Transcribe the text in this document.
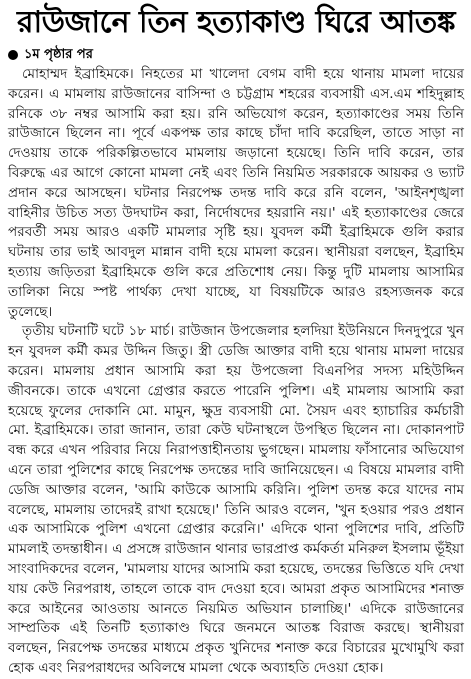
রাউজানে তিন হত্যাকাণ্ড ঘিরে আতঙ্ক
১ম পৃষ্ঠার পর

মোহাম্মদ ইব্রাহিমকে। নিহতের মা খালেদা বেগম বাদী হয়ে থানায় মামলা দায়ের করেন। এ মামলায় রাউজানের বাসিন্দা ও চট্টগ্রাম শহরের ব্যবসায়ী এস.এম শহিদুল্লাহ রনিকে ৩৮ নম্বর আসামি করা হয়। রনি অভিযোগ করেন, হত্যাকাণ্ডের সময় তিনি রাউজানে ছিলেন না। পূর্বে একপক্ষ তার কাছে চাঁদা দাবি করেছিল, তাতে সাড়া না দেওয়ায় তাকে পরিকল্পিতভাবে মামলায় জড়ানো হয়েছে। তিনি দাবি করেন, তার বিরুদ্ধে এর আগে কোনো মামলা নেই এবং তিনি নিয়মিত সরকারকে আয়কর ও ভ্যাট প্রদান করে আসছেন। ঘটনার নিরপেক্ষ তদন্ত দাবি করে রনি বলেন, 'আইনশৃঙ্খলা বাহিনীর উচিত সত্য উদঘাটন করা, নির্দোষদের হয়রানি নয়।' এই হত্যাকাণ্ডের জেরে পরবর্তী সময় আরও একটি মামলার সৃষ্টি হয়। যুবদল কর্মী ইব্রাহিমকে গুলি করার ঘটনায় তার ভাই আবদুল মান্নান বাদী হয়ে মামলা করেন। স্থানীয়রা বলছেন, ইব্রাহিম হত্যায় জড়িতরা ইব্রাহিমকে গুলি করে প্রতিশোধ নেয়। কিন্তু দুটি মামলায় আসামির তালিকা নিয়ে স্পষ্ট পার্থক্য দেখা যাচ্ছে, যা বিষয়টিকে আরও রহস্যজনক করে তুলেছে।

তৃতীয় ঘটনাটি ঘটে ১৮ মার্চ। রাউজান উপজেলার হলদিয়া ইউনিয়নে দিনদুপুরে খুন হন যুবদল কর্মী কমর উদ্দিন জিতু। স্ত্রী ডেজি আক্তার বাদী হয়ে থানায় মামলা দায়ের করেন। মামলায় প্রধান আসামি করা হয় উপজেলা বিএনপির সদস্য মহিউদ্দিন জীবনকে। তাকে এখনো গ্রেপ্তার করতে পারেনি পুলিশ। এই মামলায় আসামি করা হয়েছে ফুলের দোকানি মো. মামুন, ক্ষুদ্র ব্যবসায়ী মো. সৈয়দ এবং হ্যাচারির কর্মচারী মো. ইব্রাহিমকে। তারা জানান, তারা কেউ ঘটনাস্থলে উপস্থিত ছিলেন না। দোকানপাট বন্ধ করে এখন পরিবার নিয়ে নিরাপত্তাহীনতায় ভুগছেন। মামলায় ফাঁসানোর অভিযোগ এনে তারা পুলিশের কাছে নিরপেক্ষ তদন্তের দাবি জানিয়েছেন। এ বিষয়ে মামলার বাদী ডেজি আক্তার বলেন, 'আমি কাউকে আসামি করিনি। পুলিশ তদন্ত করে যাদের নাম বলেছে, মামলায় তাদেরই রাখা হয়েছে।' তিনি আরও বলেন, 'খুন হওয়ার পরও প্রধান এক আসামিকে পুলিশ এখনো গ্রেপ্তার করেনি।' এদিকে থানা পুলিশের দাবি, প্রতিটি মামলাই তদন্তাধীন। এ প্রসঙ্গে রাউজান থানার ভারপ্রাপ্ত কর্মকর্তা মনিরুল ইসলাম ভূঁইয়া সাংবাদিকদের বলেন, 'মামলায় যাদের আসামি করা হয়েছে, তদন্তের ভিত্তিতে যদি দেখা যায় কেউ নিরপরাধ, তাহলে তাকে বাদ দেওয়া হবে। আমরা প্রকৃত আসামিদের শনাক্ত করে আইনের আওতায় আনতে নিয়মিত অভিযান চালাচ্ছি।' এদিকে রাউজানের সাম্প্রতিক এই তিনটি হত্যাকাণ্ড ঘিরে জনমনে আতঙ্ক বিরাজ করছে। স্থানীয়রা বলছেন, নিরপেক্ষ তদন্তের মাধ্যমে প্রকৃত খুনিদের শনাক্ত করে বিচারের মুখোমুখি করা হোক এবং নিরপরাধদের অবিলম্বে মামলা থেকে অব্যাহতি দেওয়া হোক।
